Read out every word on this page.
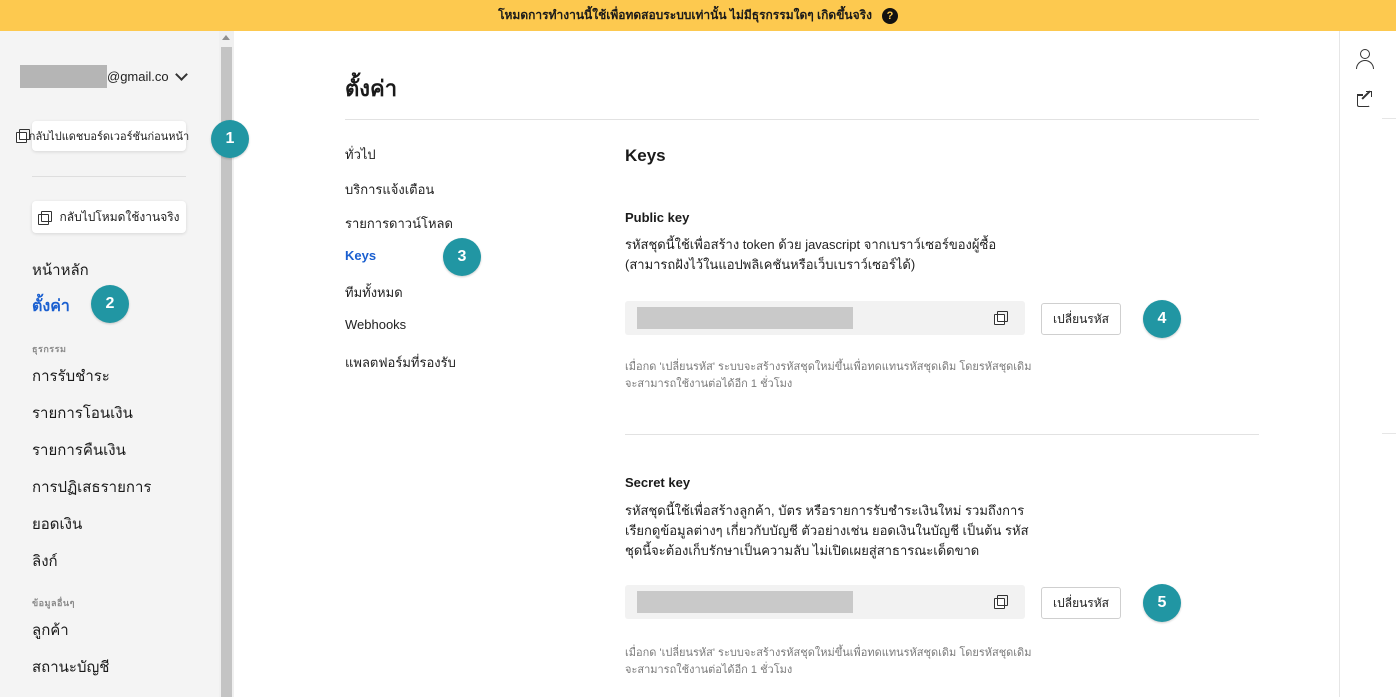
โหมดการทำงานนี้ใช้เพื่อทดสอบระบบเท่านั้น ไม่มีธุรกรรมใดๆ เกิดขึ้นจริง	?
@gmail.co
กลับไปแดชบอร์ดเวอร์ชันก่อนหน้า
กลับไปโหมดใช้งานจริง
หน้าหลัก
ตั้งค่า
ธุรกรรม
การรับชำระ
รายการโอนเงิน
รายการคืนเงิน
การปฏิเสธรายการ
ยอดเงิน
ลิงก์
ข้อมูลอื่นๆ
ลูกค้า
สถานะบัญชี
ตั้งค่า
ทั่วไป
บริการแจ้งเตือน
รายการดาวน์โหลด
Keys
ทีมทั้งหมด
Webhooks
แพลตฟอร์มที่รองรับ
Keys
Public key
รหัสชุดนี้ใช้เพื่อสร้าง token ด้วย javascript จากเบราว์เซอร์ของผู้ซื้อ
(สามารถฝังไว้ในแอปพลิเคชันหรือเว็บเบราว์เซอร์ได้)
เปลี่ยนรหัส
เมื่อกด 'เปลี่ยนรหัส' ระบบจะสร้างรหัสชุดใหม่ขึ้นเพื่อทดแทนรหัสชุดเดิม โดยรหัสชุดเดิม
จะสามารถใช้งานต่อได้อีก 1 ชั่วโมง
Secret key
รหัสชุดนี้ใช้เพื่อสร้างลูกค้า, บัตร หรือรายการรับชำระเงินใหม่ รวมถึงการ
เรียกดูข้อมูลต่างๆ เกี่ยวกับบัญชี ตัวอย่างเช่น ยอดเงินในบัญชี เป็นต้น รหัส
ชุดนี้จะต้องเก็บรักษาเป็นความลับ ไม่เปิดเผยสู่สาธารณะเด็ดขาด
เปลี่ยนรหัส
เมื่อกด 'เปลี่ยนรหัส' ระบบจะสร้างรหัสชุดใหม่ขึ้นเพื่อทดแทนรหัสชุดเดิม โดยรหัสชุดเดิม
จะสามารถใช้งานต่อได้อีก 1 ชั่วโมง
1
2
3
4
5
